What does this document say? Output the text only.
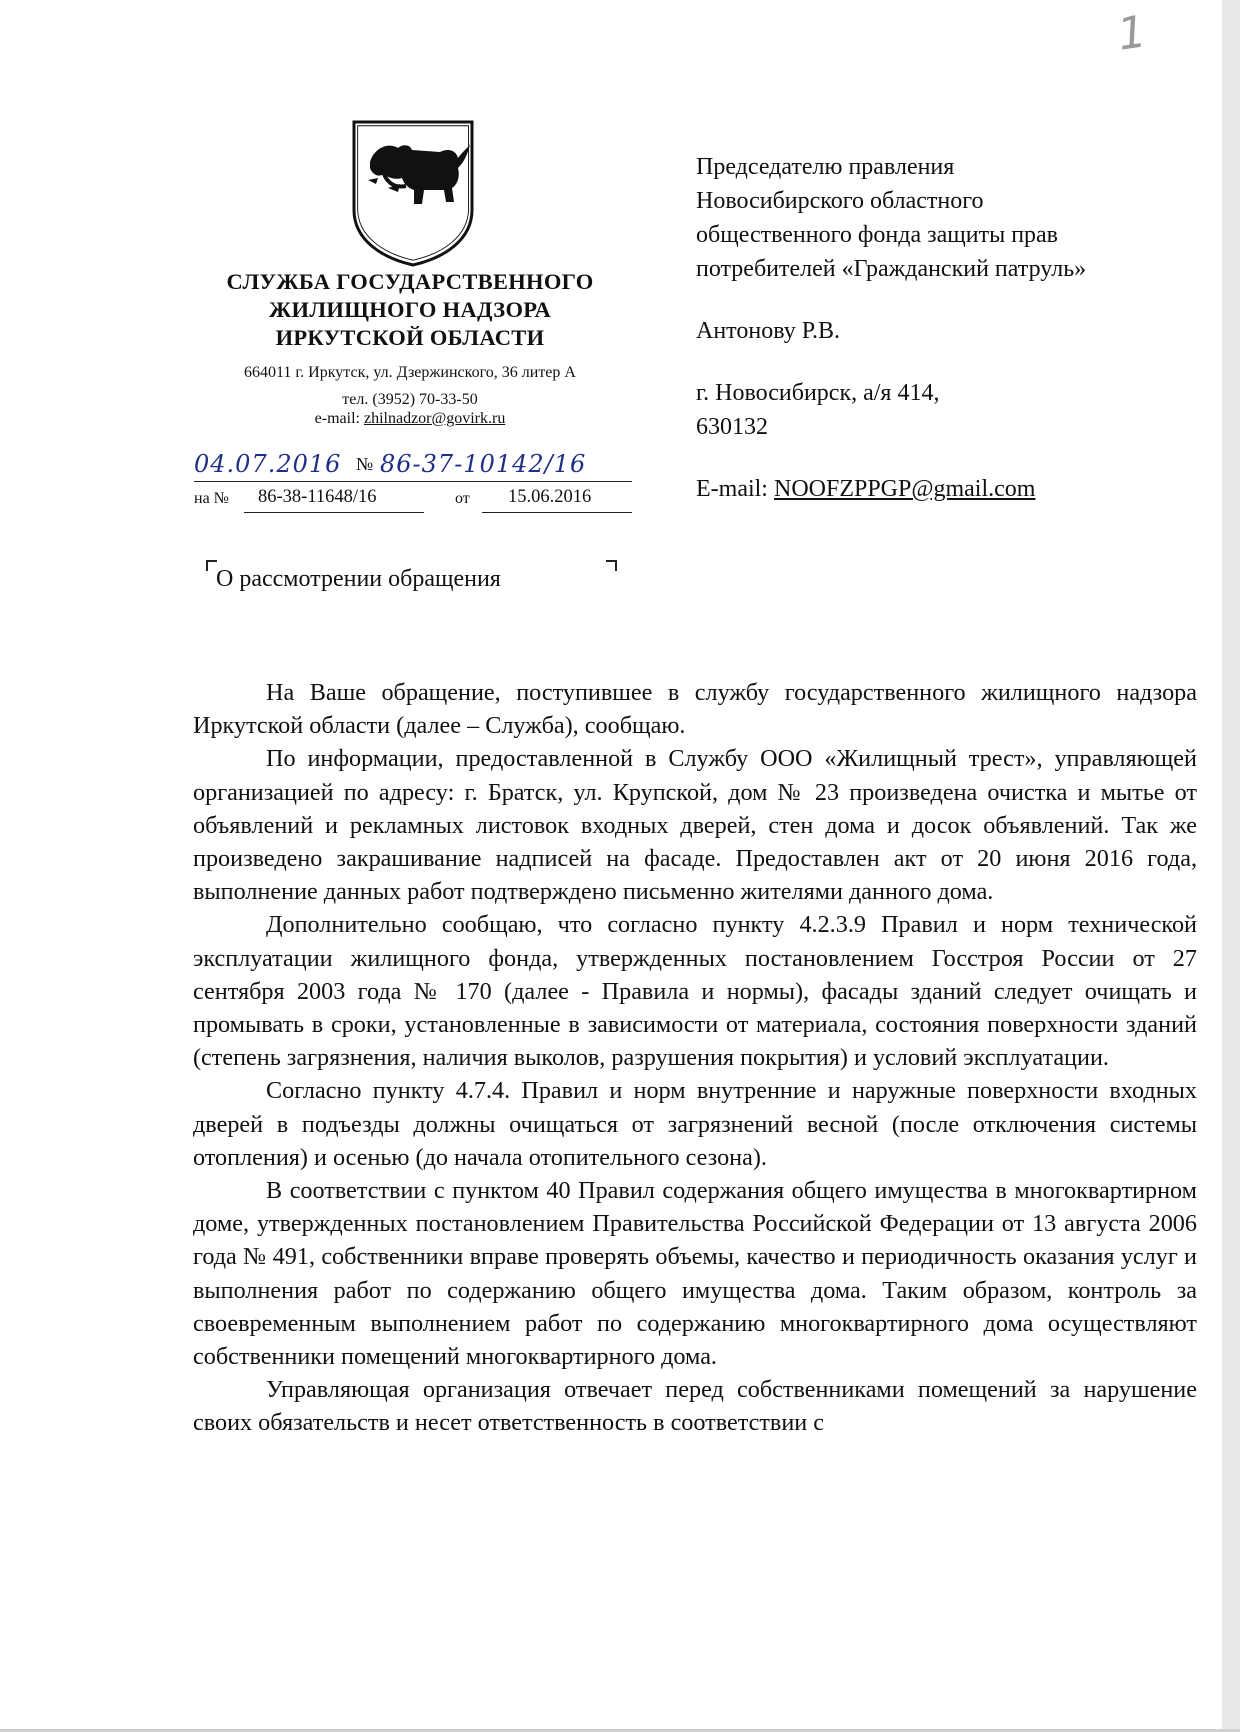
1
СЛУЖБА ГОСУДАРСТВЕННОГО
ЖИЛИЩНОГО НАДЗОРА
ИРКУТСКОЙ ОБЛАСТИ
664011 г. Иркутск, ул. Дзержинского, 36 литер А
тел. (3952) 70-33-50
e-mail: zhilnadzor@govirk.ru
04.07.2016 № 86-37-10142/16
на № 86-38-11648/16	от 15.06.2016

Председателю правления

Новосибирского областного

общественного фонда защиты прав

потребителей «Гражданский патруль»

Антонову Р.В.

г. Новосибирск, а/я 414,

630132

E-mail: NOOFZPPGP@gmail.com

О рассмотрении обращения

На Ваше обращение, поступившее в службу государственного жилищного надзора Иркутской области (далее – Служба), сообщаю.

По информации, предоставленной в Службу ООО «Жилищный трест», управляющей организацией по адресу: г. Братск, ул. Крупской, дом № 23 произведена очистка и мытье от объявлений и рекламных листовок входных дверей, стен дома и досок объявлений. Так же произведено закрашивание надписей на фасаде. Предоставлен акт от 20 июня 2016 года, выполнение данных работ подтверждено письменно жителями данного дома.

Дополнительно сообщаю, что согласно пункту 4.2.3.9 Правил и норм технической эксплуатации жилищного фонда, утвержденных постановлением Госстроя России от 27 сентября 2003 года № 170 (далее - Правила и нормы), фасады зданий следует очищать и промывать в сроки, установленные в зависимости от материала, состояния поверхности зданий (степень загрязнения, наличия выколов, разрушения покрытия) и условий эксплуатации.

Согласно пункту 4.7.4. Правил и норм внутренние и наружные поверхности входных дверей в подъезды должны очищаться от загрязнений весной (после отключения системы отопления) и осенью (до начала отопительного сезона).

В соответствии с пунктом 40 Правил содержания общего имущества в многоквартирном доме, утвержденных постановлением Правительства Российской Федерации от 13 августа 2006 года № 491, собственники вправе проверять объемы, качество и периодичность оказания услуг и выполнения работ по содержанию общего имущества дома. Таким образом, контроль за своевременным выполнением работ по содержанию многоквартирного дома осуществляют собственники помещений многоквартирного дома.

Управляющая организация отвечает перед собственниками помещений за нарушение своих обязательств и несет ответственность в соответствии с
